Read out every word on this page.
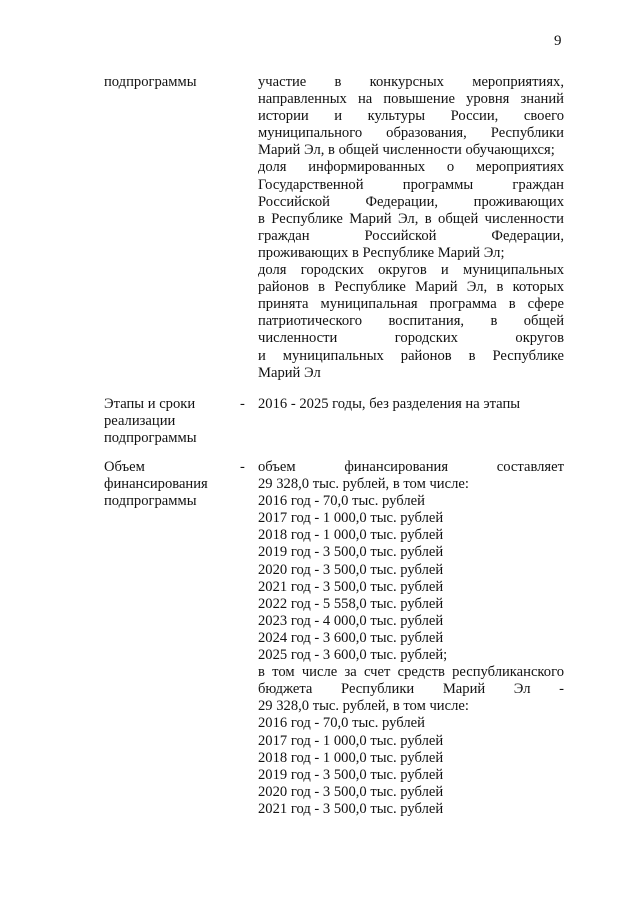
9
подпрограммы	участие в конкурсных мероприятиях,
направленных на повышение уровня знаний
истории и культуры России, своего
муниципального образования, Республики
Марий Эл, в общей численности обучающихся;
доля информированных о мероприятиях
Государственной программы граждан
Российской Федерации, проживающих
в Республике Марий Эл, в общей численности
граждан Российской Федерации,
проживающих в Республике Марий Эл;
доля городских округов и муниципальных
районов в Республике Марий Эл, в которых
принята муниципальная программа в сфере
патриотического воспитания, в общей
численности городских округов
и муниципальных районов в Республике
Марий Эл
Этапы и сроки
реализации
подпрограммы
- 2016 - 2025 годы, без разделения на этапы
Объем
финансирования
подпрограммы
- объем финансирования составляет
29 328,0 тыс. рублей, в том числе:
2016 год - 70,0 тыс. рублей
2017 год - 1 000,0 тыс. рублей
2018 год - 1 000,0 тыс. рублей
2019 год - 3 500,0 тыс. рублей
2020 год - 3 500,0 тыс. рублей
2021 год - 3 500,0 тыс. рублей
2022 год - 5 558,0 тыс. рублей
2023 год - 4 000,0 тыс. рублей
2024 год - 3 600,0 тыс. рублей
2025 год - 3 600,0 тыс. рублей;
в том числе за счет средств республиканского
бюджета Республики Марий Эл -
29 328,0 тыс. рублей, в том числе:
2016 год - 70,0 тыс. рублей
2017 год - 1 000,0 тыс. рублей
2018 год - 1 000,0 тыс. рублей
2019 год - 3 500,0 тыс. рублей
2020 год - 3 500,0 тыс. рублей
2021 год - 3 500,0 тыс. рублей
